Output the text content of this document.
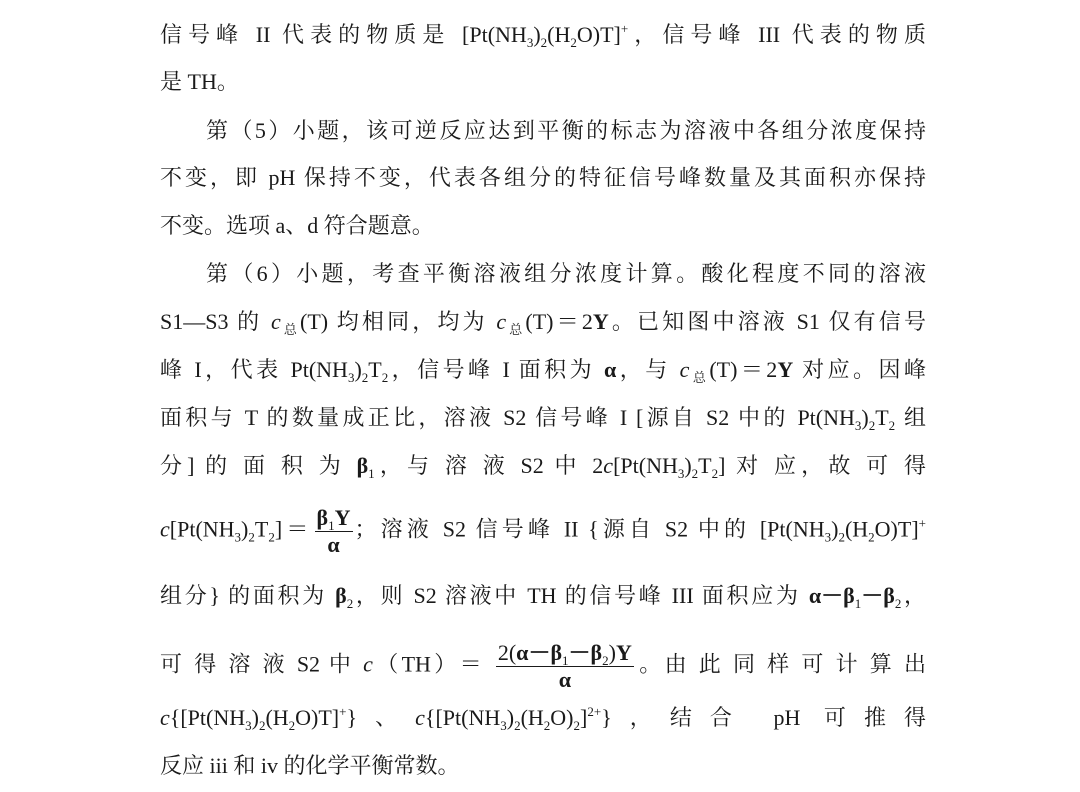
信号峰 II 代表的物质是 $[Pt(NH_3)_2(H_2O)T]^+$，信号峰 III 代表的物质
是 TH。
第（5）小题，该可逆反应达到平衡的标志为溶液中各组分浓度保持
不变，即 pH 保持不变，代表各组分的特征信号峰数量及其面积亦保持
不变。选项 a、d 符合题意。
第（6）小题，考查平衡溶液组分浓度计算。酸化程度不同的溶液
S1—S3 的 $c_总(T)$ 均相同，均为 $c_总(T)=2Y$。已知图中溶液 S1 仅有信号
峰 I，代表 $Pt(NH_3)_2T_2$，信号峰 I 面积为 α，与 $c_总(T)=2Y$ 对应。因峰
面积与 T 的数量成正比，溶液 S2 信号峰 I [源自 S2 中的 $Pt(NH_3)_2T_2$ 组
分] 的 面 积 为 $\beta_1$，与 溶 液 S2 中 $2c[Pt(NH_3)_2T_2]$ 对 应，故 可 得
$c[Pt(NH_3)_2T_2]= \frac{\beta_1Y}{\alpha}$ ；溶液 S2 信号峰 II {源自 S2 中的 $[Pt(NH_3)_2(H_2O)T]^+$
组分} 的面积为 $\beta_2$，则 S2 溶液中 TH 的信号峰 III 面积应为 $\alpha-\beta_1-\beta_2$，
可 得 溶 液 S2 中 $c(TH)= \frac{2(\alpha-\beta_1-\beta_2)Y}{\alpha}$ 。由 此 同 样 可 计 算 出
$c\{[Pt(NH_3)_2(H_2O)T]^+\}$、$c\{[Pt(NH_3)_2(H_2O)_2]^{2+}\}$，结合 pH 可推得
反应 iii 和 iv 的化学平衡常数。
